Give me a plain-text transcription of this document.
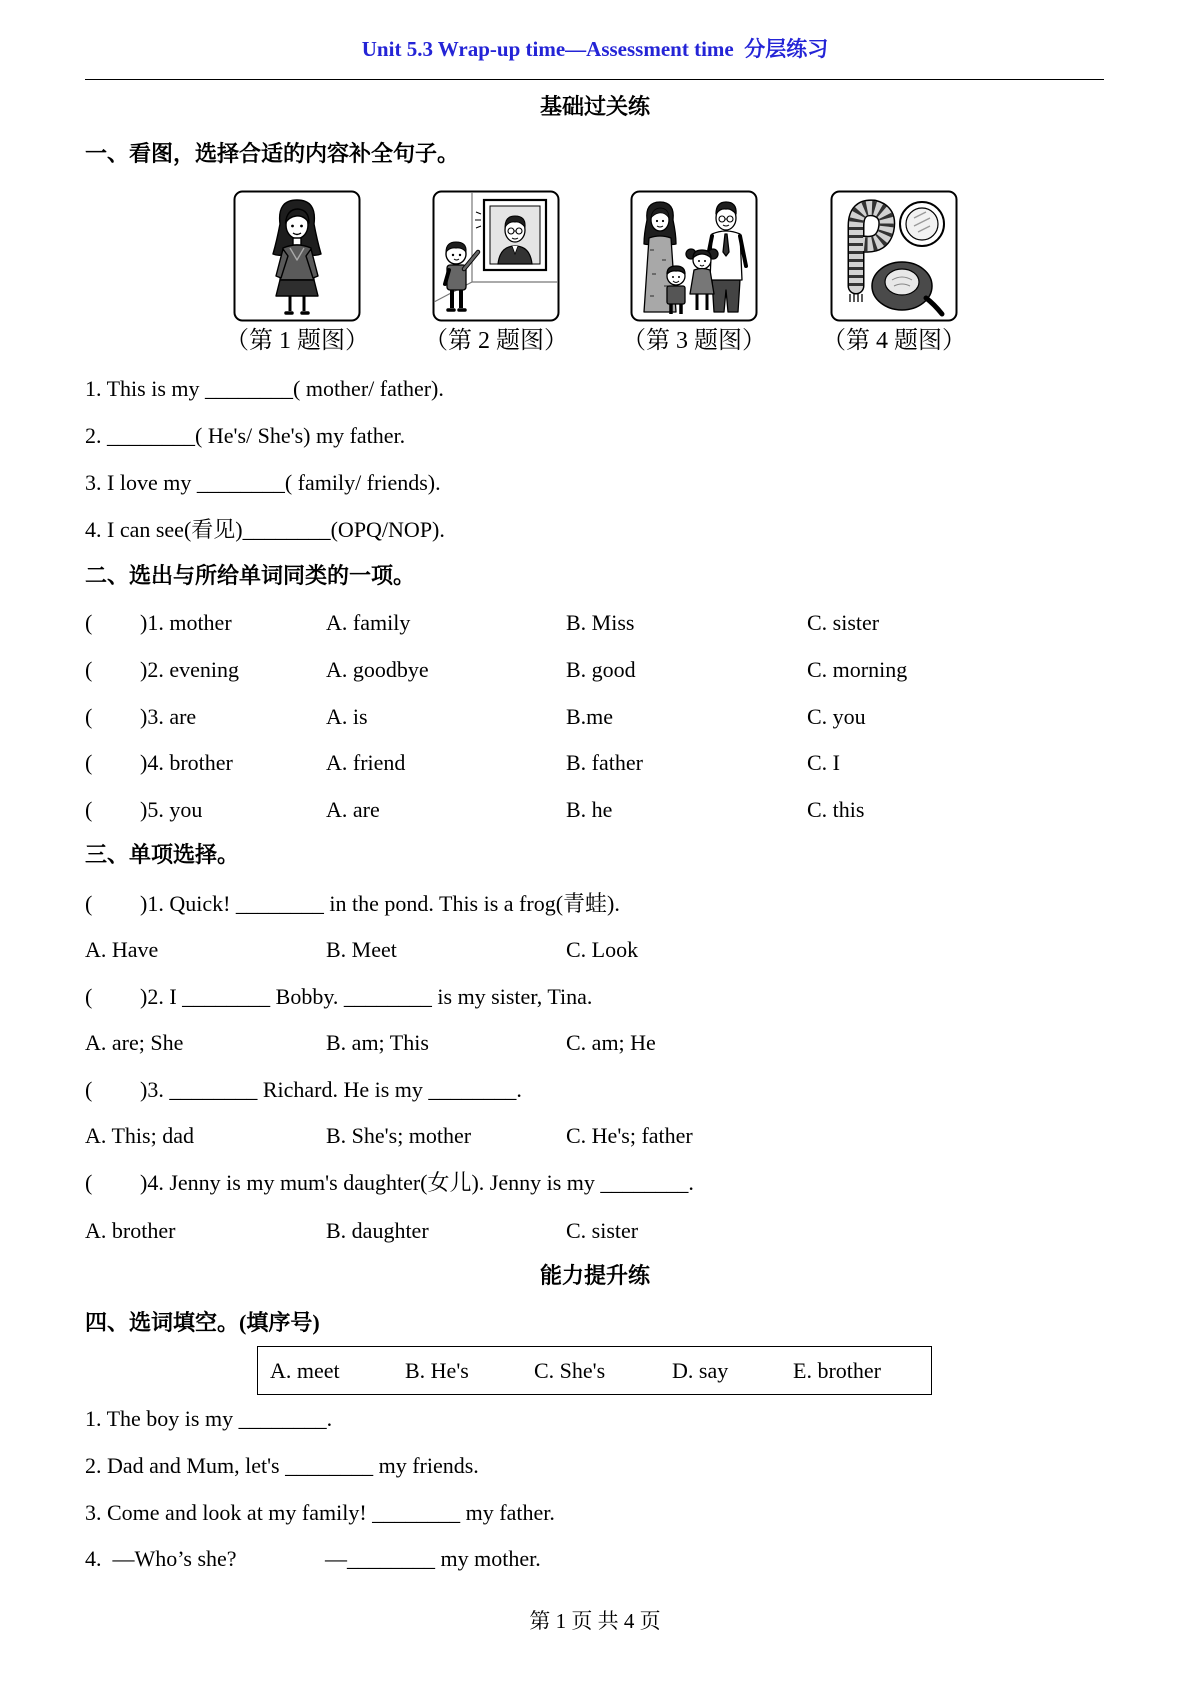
Unit 5.3 Wrap-up time—Assessment time  分层练习
基础过关练
一、看图，选择合适的内容补全句子。
（第 1 题图）	（第 2 题图）	（第 3 题图）	（第 4 题图）
1. This is my ________( mother/ father).
2. ________( He's/ She's) my father.
3. I love my ________( family/ friends).
4. I can see(看见)________(OPQ/NOP).
二、选出与所给单词同类的一项。
( )1. mother	A. family	B. Miss	C. sister
( )2. evening	A. goodbye	B. good	C. morning
( )3. are	A. is	B.me	C. you
( )4. brother	A. friend	B. father	C. I
( )5. you	A. are	B. he	C. this
三、单项选择。
( )1. Quick! ________ in the pond. This is a frog(青蛙).
A. Have	B. Meet	C. Look
( )2. I ________ Bobby. ________ is my sister, Tina.
A. are; She	B. am; This	C. am; He
( )3. ________ Richard. He is my ________.
A. This; dad	B. She's; mother	C. He's; father
( )4. Jenny is my mum's daughter(女儿). Jenny is my ________.
A. brother	B. daughter	C. sister
能力提升练
四、选词填空。(填序号)
A. meet	B. He's	C. She's	D. say	E. brother
1. The boy is my ________.
2. Dad and Mum, let's ________ my friends.
3. Come and look at my family! ________ my father.
4.  —Who’s she?	—________ my mother.
第 1 页 共 4 页
